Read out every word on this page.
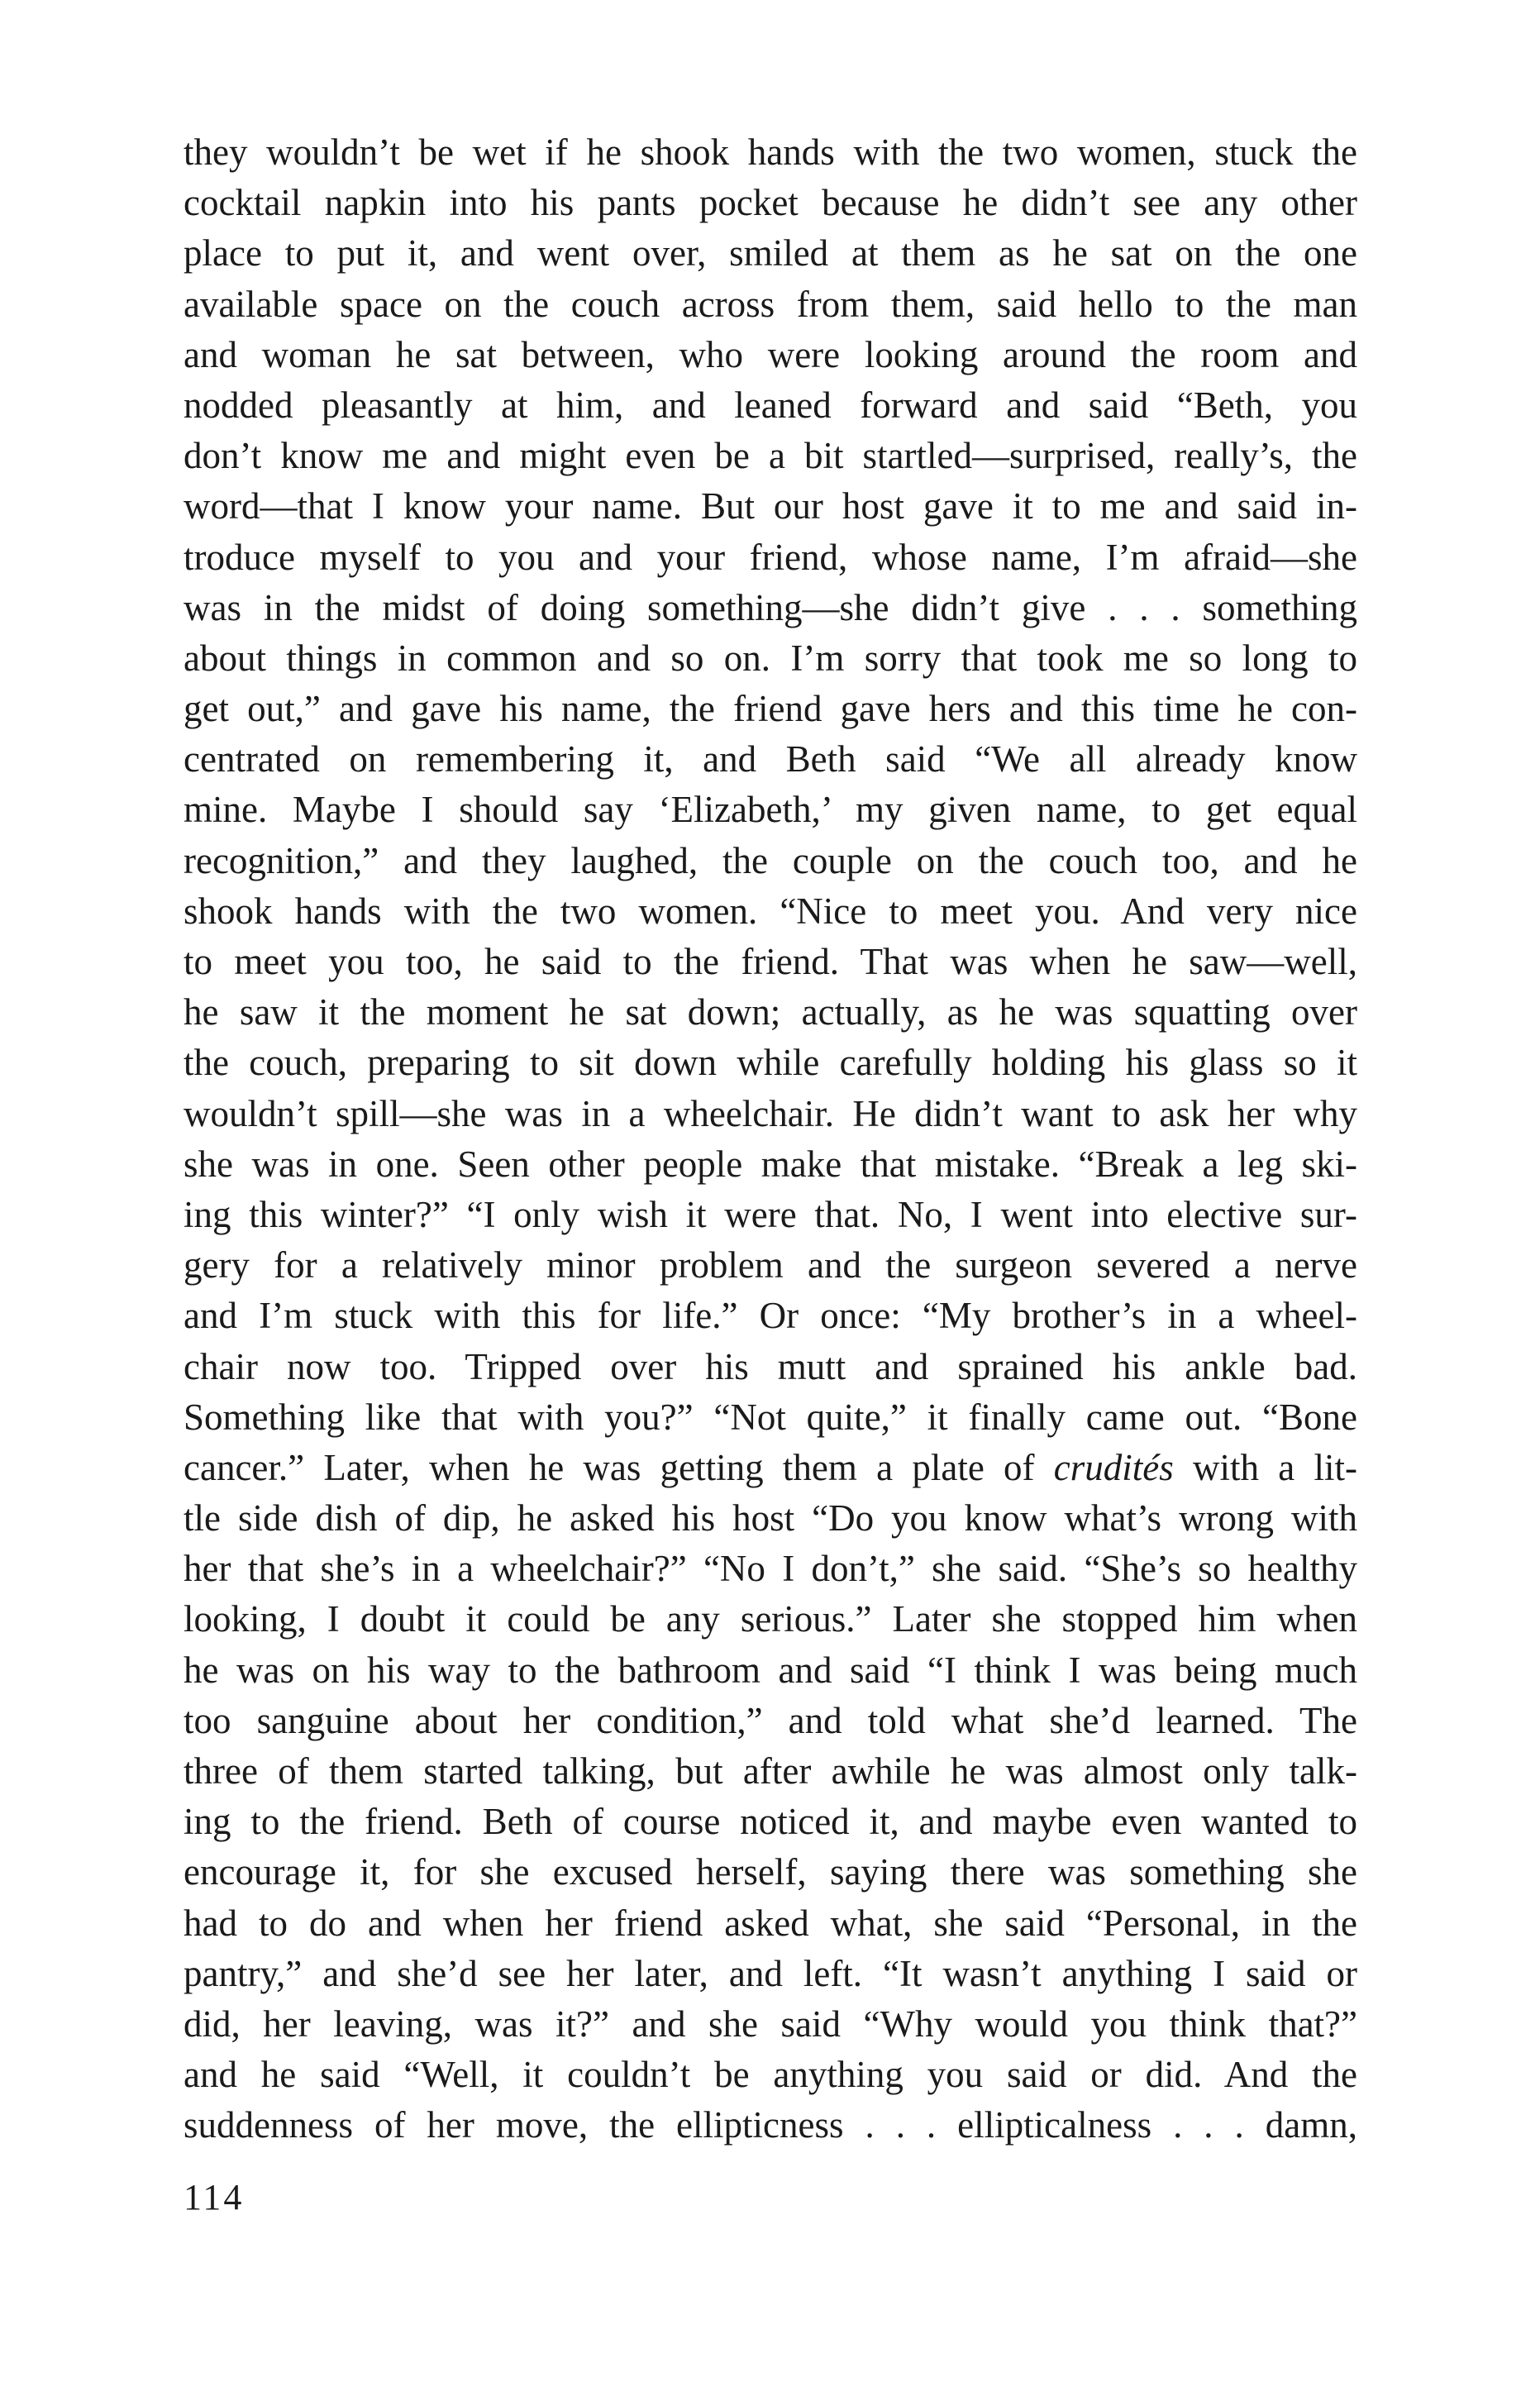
they wouldn’t be wet if he shook hands with the two women, stuck the
cocktail napkin into his pants pocket because he didn’t see any other
place to put it, and went over, smiled at them as he sat on the one
available space on the couch across from them, said hello to the man
and woman he sat between, who were looking around the room and
nodded pleasantly at him, and leaned forward and said “Beth, you
don’t know me and might even be a bit startled—surprised, really’s, the
word—that I know your name. But our host gave it to me and said in-
troduce myself to you and your friend, whose name, I’m afraid—she
was in the midst of doing something—she didn’t give . . . something
about things in common and so on. I’m sorry that took me so long to
get out,” and gave his name, the friend gave hers and this time he con-
centrated on remembering it, and Beth said “We all already know
mine. Maybe I should say ‘Elizabeth,’ my given name, to get equal
recognition,” and they laughed, the couple on the couch too, and he
shook hands with the two women. “Nice to meet you. And very nice
to meet you too, he said to the friend. That was when he saw—well,
he saw it the moment he sat down; actually, as he was squatting over
the couch, preparing to sit down while carefully holding his glass so it
wouldn’t spill—she was in a wheelchair. He didn’t want to ask her why
she was in one. Seen other people make that mistake. “Break a leg ski-
ing this winter?” “I only wish it were that. No, I went into elective sur-
gery for a relatively minor problem and the surgeon severed a nerve
and I’m stuck with this for life.” Or once: “My brother’s in a wheel-
chair now too. Tripped over his mutt and sprained his ankle bad.
Something like that with you?” “Not quite,” it finally came out. “Bone
cancer.” Later, when he was getting them a plate of crudités with a lit-
tle side dish of dip, he asked his host “Do you know what’s wrong with
her that she’s in a wheelchair?” “No I don’t,” she said. “She’s so healthy
looking, I doubt it could be any serious.” Later she stopped him when
he was on his way to the bathroom and said “I think I was being much
too sanguine about her condition,” and told what she’d learned. The
three of them started talking, but after awhile he was almost only talk-
ing to the friend. Beth of course noticed it, and maybe even wanted to
encourage it, for she excused herself, saying there was something she
had to do and when her friend asked what, she said “Personal, in the
pantry,” and she’d see her later, and left. “It wasn’t anything I said or
did, her leaving, was it?” and she said “Why would you think that?”
and he said “Well, it couldn’t be anything you said or did. And the
suddenness of her move, the ellipticness . . . ellipticalness . . . damn,
114
